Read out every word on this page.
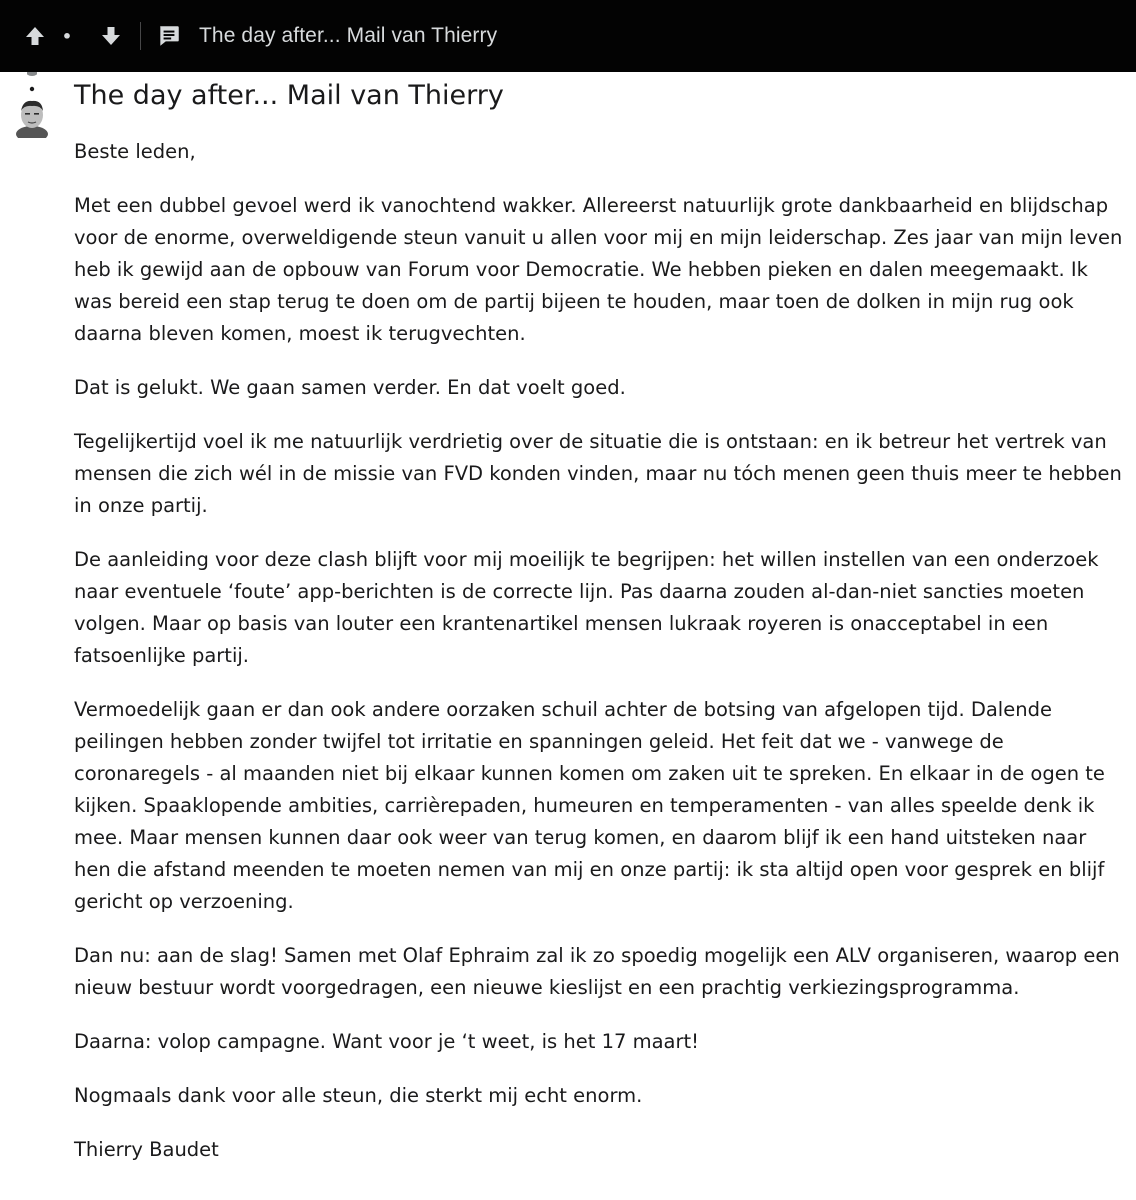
•	The day after... Mail van Thierry
The day after... Mail van Thierry

Beste leden,

Met een dubbel gevoel werd ik vanochtend wakker. Allereerst natuurlijk grote dankbaarheid en blijdschap voor de enorme, overweldigende steun vanuit u allen voor mij en mijn leiderschap. Zes jaar van mijn leven heb ik gewijd aan de opbouw van Forum voor Democratie. We hebben pieken en dalen meegemaakt. Ik was bereid een stap terug te doen om de partij bijeen te houden, maar toen de dolken in mijn rug ook daarna bleven komen, moest ik terugvechten.

Dat is gelukt. We gaan samen verder. En dat voelt goed.

Tegelijkertijd voel ik me natuurlijk verdrietig over de situatie die is ontstaan: en ik betreur het vertrek van mensen die zich wél in de missie van FVD konden vinden, maar nu tóch menen geen thuis meer te hebben in onze partij.

De aanleiding voor deze clash blijft voor mij moeilijk te begrijpen: het willen instellen van een onderzoek naar eventuele ‘foute’ app-berichten is de correcte lijn. Pas daarna zouden al-dan-niet sancties moeten volgen. Maar op basis van louter een krantenartikel mensen lukraak royeren is onacceptabel in een fatsoenlijke partij.

Vermoedelijk gaan er dan ook andere oorzaken schuil achter de botsing van afgelopen tijd. Dalende peilingen hebben zonder twijfel tot irritatie en spanningen geleid. Het feit dat we - vanwege de coronaregels - al maanden niet bij elkaar kunnen komen om zaken uit te spreken. En elkaar in de ogen te kijken. Spaaklopende ambities, carrièrepaden, humeuren en temperamenten - van alles speelde denk ik mee. Maar mensen kunnen daar ook weer van terug komen, en daarom blijf ik een hand uitsteken naar hen die afstand meenden te moeten nemen van mij en onze partij: ik sta altijd open voor gesprek en blijf gericht op verzoening.

Dan nu: aan de slag! Samen met Olaf Ephraim zal ik zo spoedig mogelijk een ALV organiseren, waarop een nieuw bestuur wordt voorgedragen, een nieuwe kieslijst en een prachtig verkiezingsprogramma.

Daarna: volop campagne. Want voor je ‘t weet, is het 17 maart!

Nogmaals dank voor alle steun, die sterkt mij echt enorm.

Thierry Baudet
